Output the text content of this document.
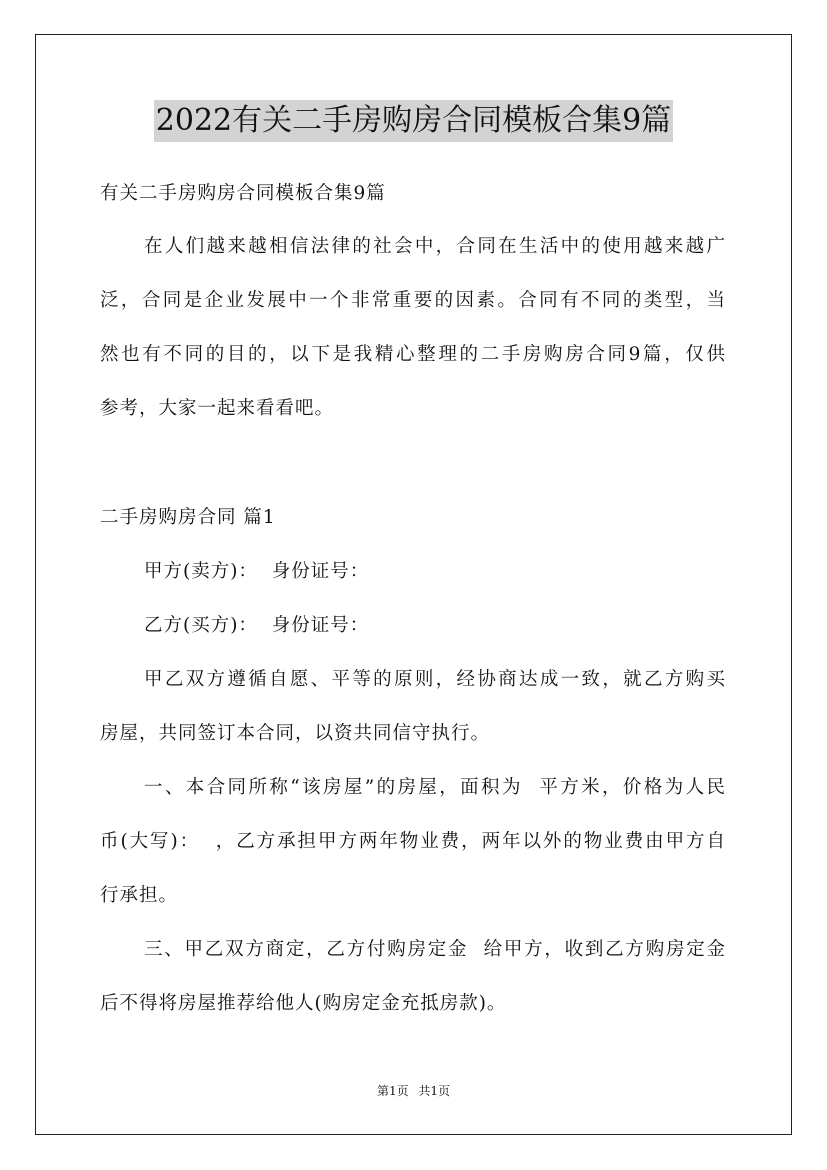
2022有关二手房购房合同模板合集9篇
有关二手房购房合同模板合集9篇
在人们越来越相信法律的社会中，合同在生活中的使用越来越广
泛，合同是企业发展中一个非常重要的因素。合同有不同的类型，当
然也有不同的目的，以下是我精心整理的二手房购房合同9篇，仅供
参考，大家一起来看看吧。
二手房购房合同 篇1
甲方(卖方)：  身份证号：
乙方(买方)：  身份证号：
甲乙双方遵循自愿、平等的原则，经协商达成一致，就乙方购买
房屋，共同签订本合同，以资共同信守执行。
一、本合同所称“该房屋”的房屋，面积为  平方米，价格为人民
币(大写)：  ，乙方承担甲方两年物业费，两年以外的物业费由甲方自
行承担。
三、甲乙双方商定，乙方付购房定金  给甲方，收到乙方购房定金
后不得将房屋推荐给他人(购房定金充抵房款)。
第1页 共1页
